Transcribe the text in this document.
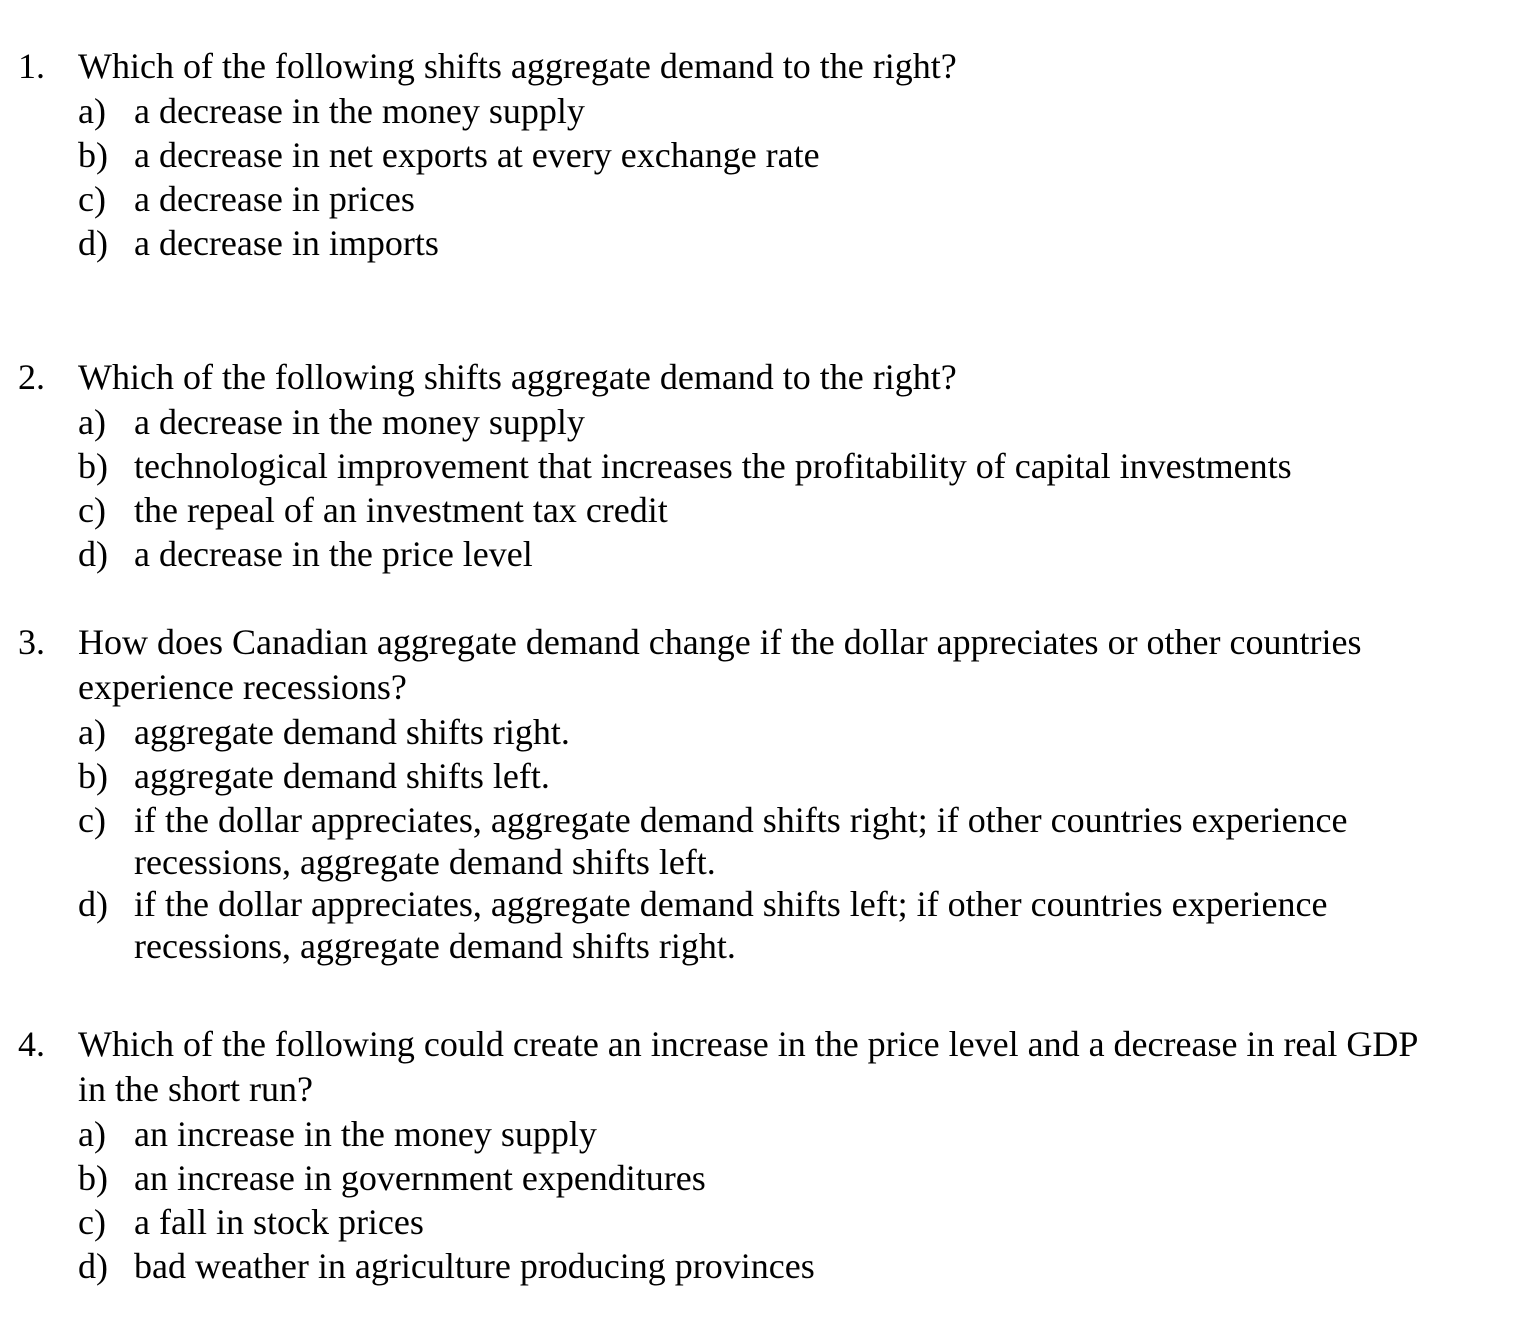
1. Which of the following shifts aggregate demand to the right?
a) a decrease in the money supply
b) a decrease in net exports at every exchange rate
c) a decrease in prices
d) a decrease in imports
2. Which of the following shifts aggregate demand to the right?
a) a decrease in the money supply
b) technological improvement that increases the profitability of capital investments
c) the repeal of an investment tax credit
d) a decrease in the price level
3. How does Canadian aggregate demand change if the dollar appreciates or other countries
experience recessions?
a) aggregate demand shifts right.
b) aggregate demand shifts left.
c) if the dollar appreciates, aggregate demand shifts right; if other countries experience
recessions, aggregate demand shifts left.
d) if the dollar appreciates, aggregate demand shifts left; if other countries experience
recessions, aggregate demand shifts right.
4. Which of the following could create an increase in the price level and a decrease in real GDP
in the short run?
a) an increase in the money supply
b) an increase in government expenditures
c) a fall in stock prices
d) bad weather in agriculture producing provinces
